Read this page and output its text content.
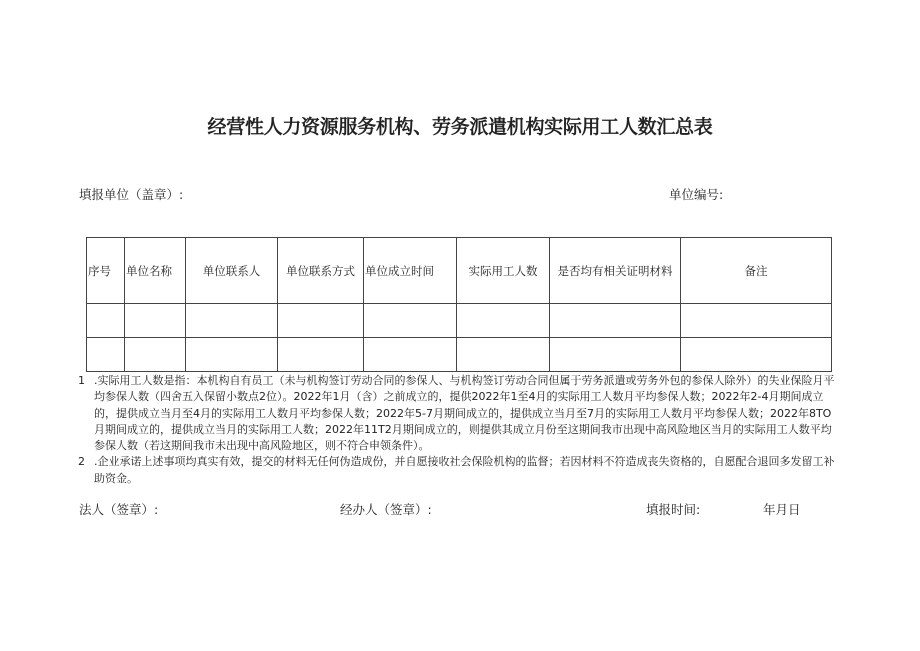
经营性人力资源服务机构、劳务派遣机构实际用工人数汇总表
填报单位（盖章）:	单位编号:
序号	单位名称	单位联系人	单位联系方式	单位成立时间	实际用工人数	是否均有相关证明材料	备注

1 .实际用工人数是指：本机构自有员工（未与机构签订劳动合同的参保人、与机构签订劳动合同但属于劳务派遣或劳务外包的参保人除外）的失业保险月平均参保人数（四舍五入保留小数点2位）。2022年1月（含）之前成立的，提供2022年1至4月的实际用工人数月平均参保人数；2022年2-4月期间成立的，提供成立当月至4月的实际用工人数月平均参保人数；2022年5-7月期间成立的，提供成立当月至7月的实际用工人数月平均参保人数；2022年8TO月期间成立的，提供成立当月的实际用工人数；2022年11T2月期间成立的，则提供其成立月份至这期间我市出现中高风险地区当月的实际用工人数平均参保人数（若这期间我市未出现中高风险地区，则不符合申领条件）。
2 .企业承诺上述事项均真实有效，提交的材料无任何伪造成份，并自愿接收社会保险机构的监督；若因材料不符造成丧失资格的，自愿配合退回多发留工补助资金。
法人（签章）:	经办人（签章）:	填报时间:	年月日
